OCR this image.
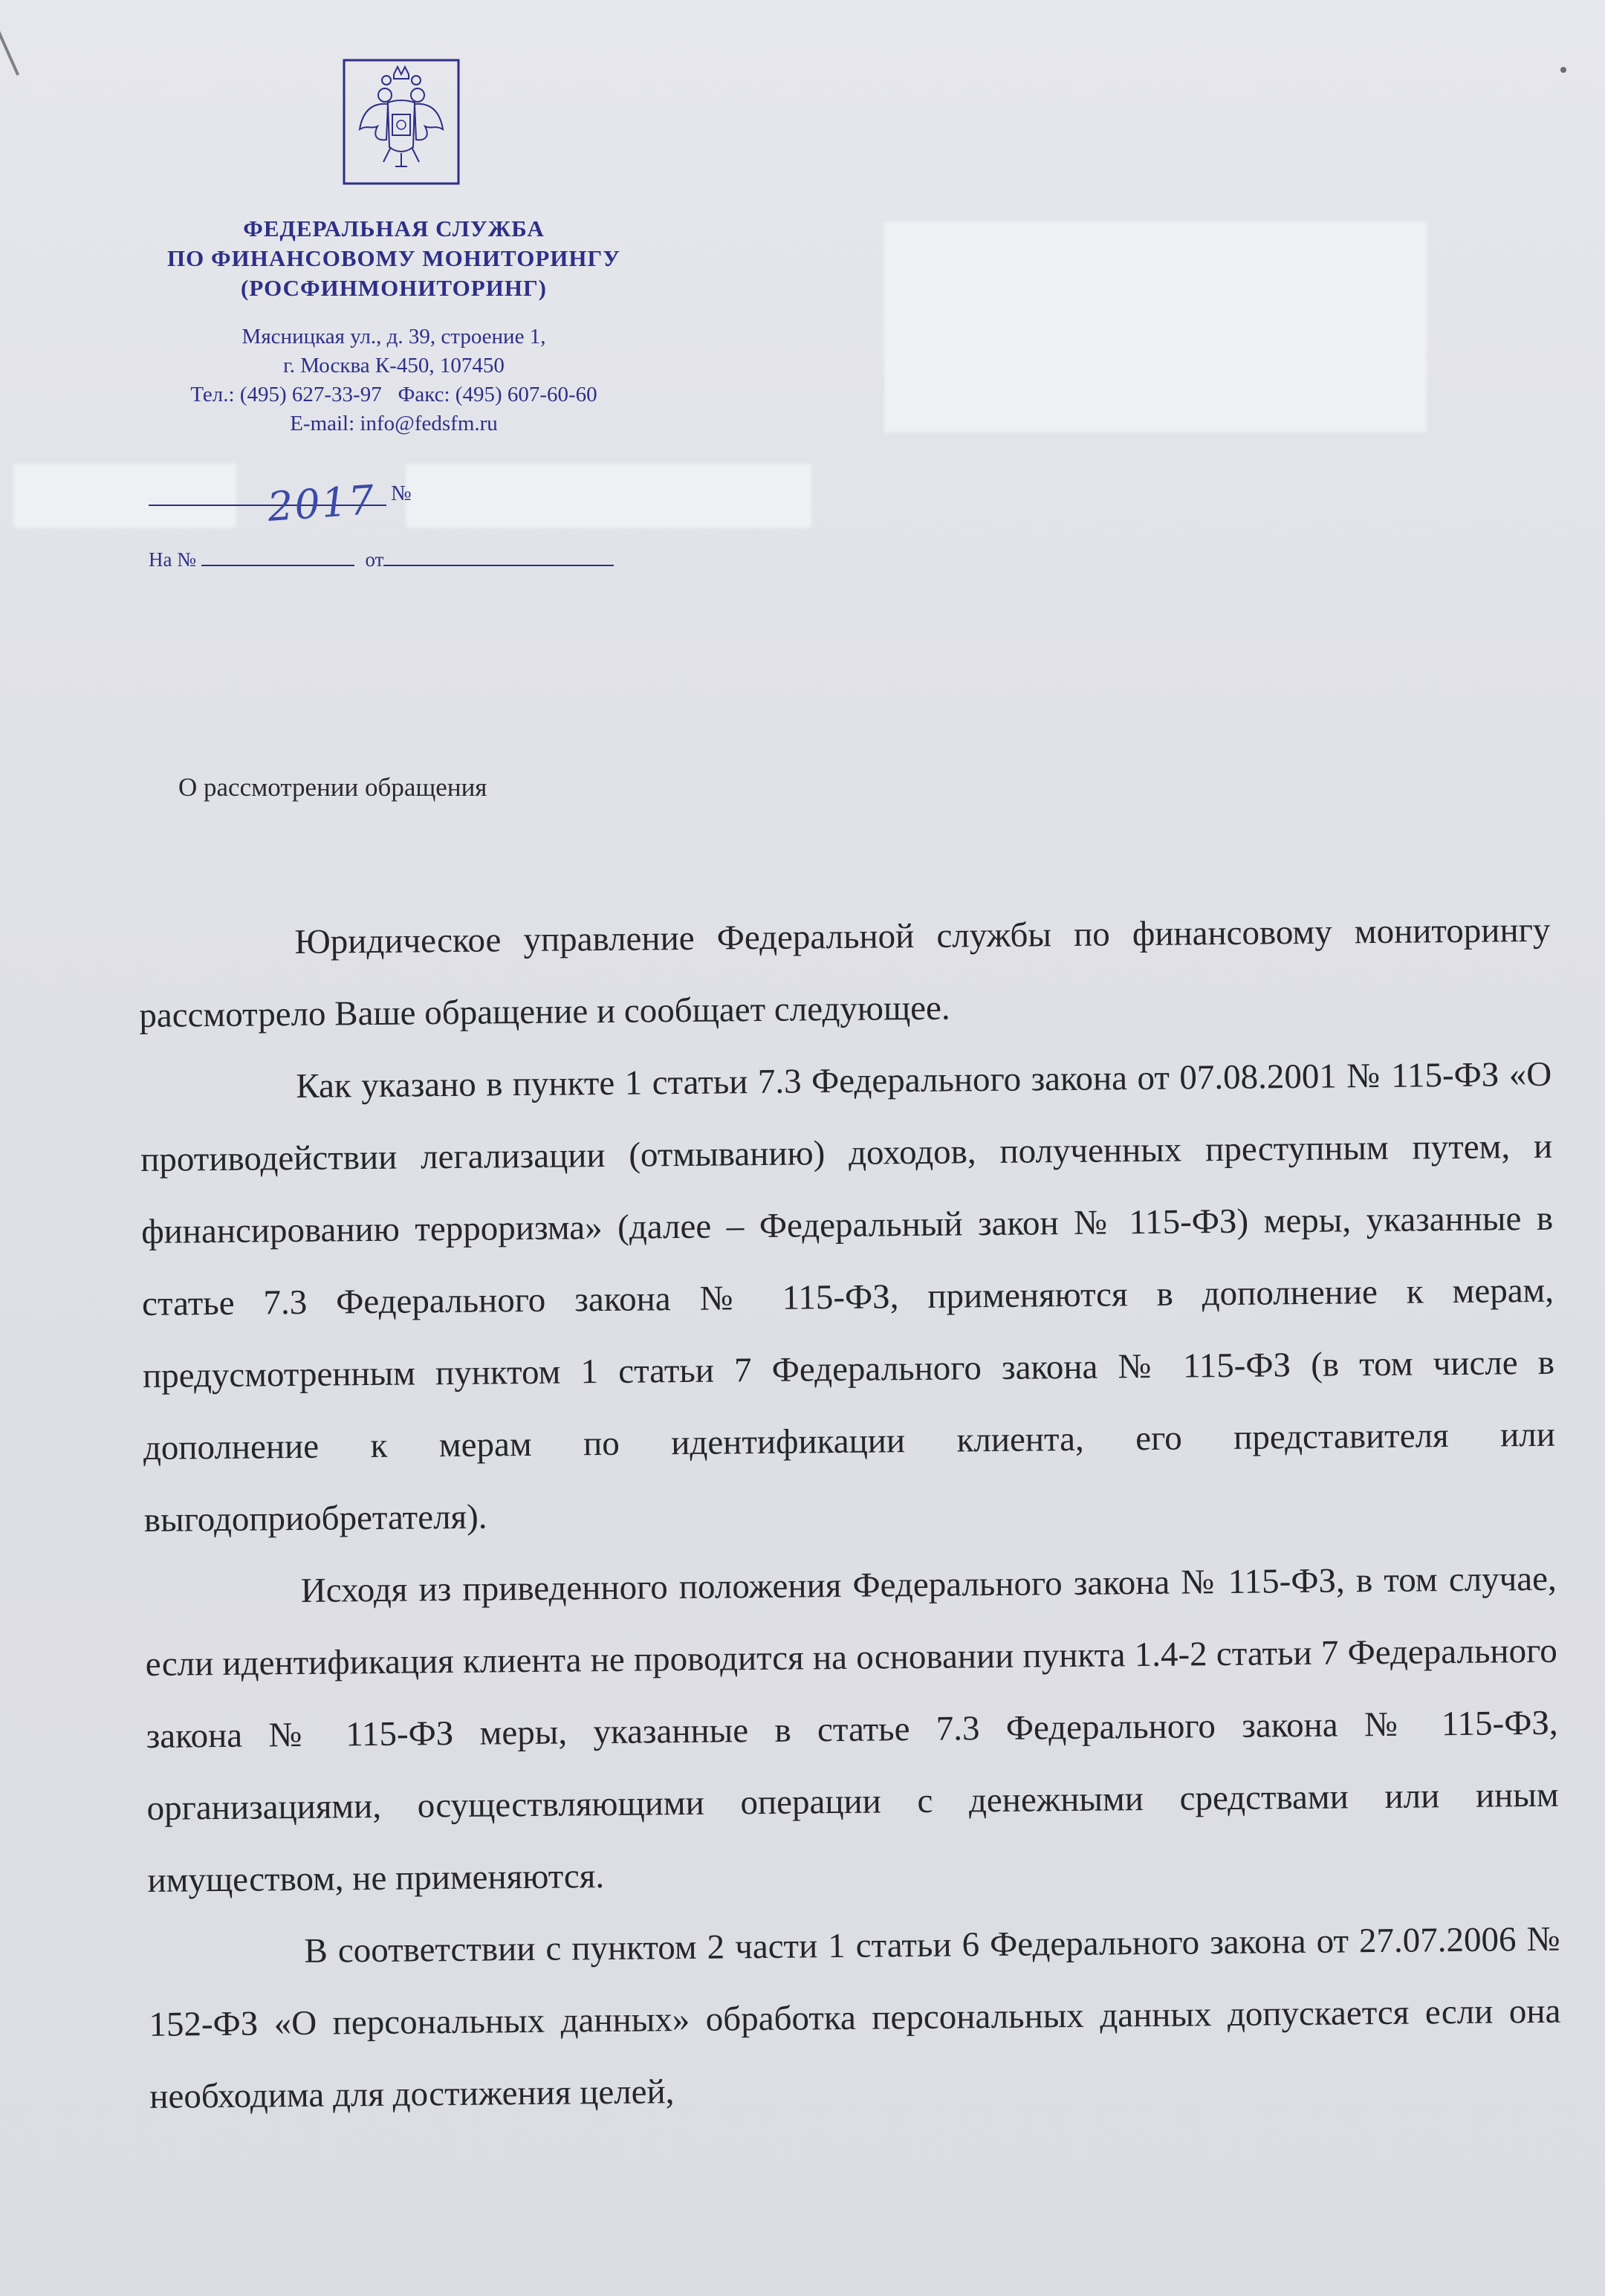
ФЕДЕРАЛЬНАЯ СЛУЖБА
ПО ФИНАНСОВОМУ МОНИТОРИНГУ
(РОСФИНМОНИТОРИНГ)
Мясницкая ул., д. 39, строение 1,
г. Москва К-450, 107450
Тел.: (495) 627-33-97   Факс: (495) 607-60-60
E-mail: info@fedsfm.ru
№
2017
На №	от
О рассмотрении обращения

Юридическое управление Федеральной службы по финансовому мониторингу рассмотрело Ваше обращение и сообщает следующее.

Как указано в пункте 1 статьи 7.3 Федерального закона от 07.08.2001 № 115-ФЗ «О противодействии легализации (отмыванию) доходов, полученных преступным путем, и финансированию терроризма» (далее – Федеральный закон № 115-ФЗ) меры, указанные в статье 7.3 Федерального закона № 115-ФЗ, применяются в дополнение к мерам, предусмотренным пунктом 1 статьи 7 Федерального закона № 115-ФЗ (в том числе в дополнение к мерам по идентификации клиента, его представителя или выгодоприобретателя).

Исходя из приведенного положения Федерального закона № 115-ФЗ, в том случае, если идентификация клиента не проводится на основании пункта 1.4-2 статьи 7 Федерального закона № 115-ФЗ меры, указанные в статье 7.3 Федерального закона № 115-ФЗ, организациями, осуществляющими операции с денежными средствами или иным имуществом, не применяются.

В соответствии с пунктом 2 части 1 статьи 6 Федерального закона от 27.07.2006 № 152-ФЗ «О персональных данных» обработка персональных данных допускается если она необходима для достижения целей,
